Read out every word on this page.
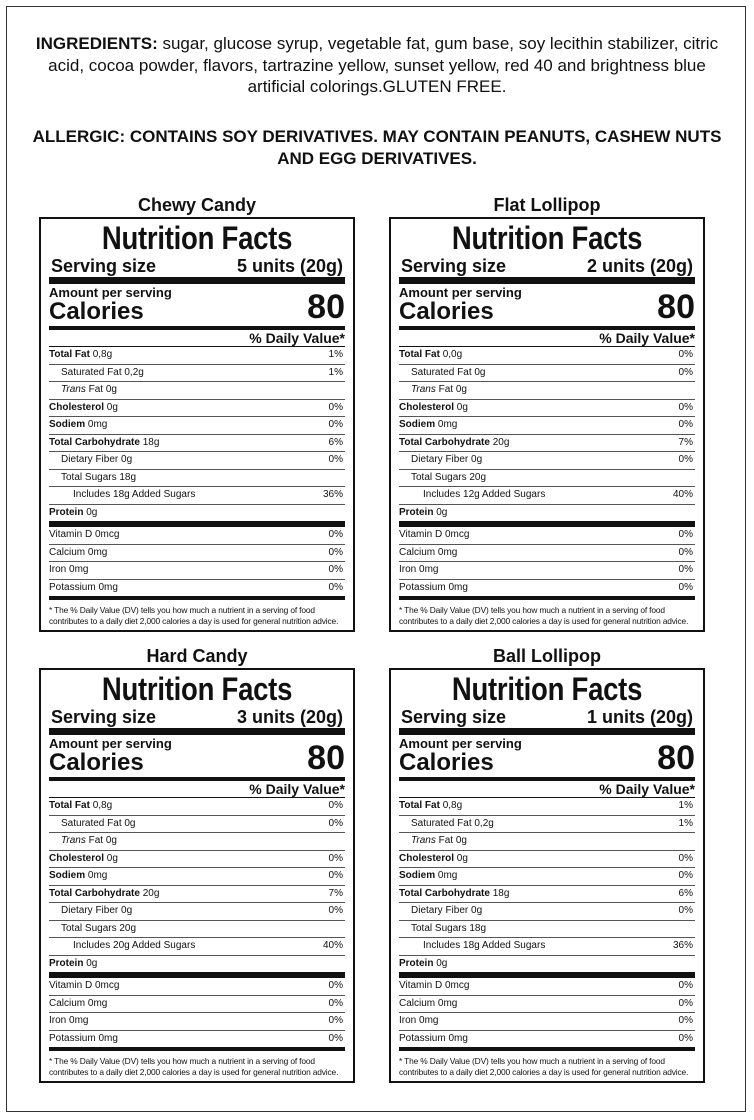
INGREDIENTS: sugar, glucose syrup, vegetable fat, gum base, soy lecithin stabilizer, citric acid, cocoa powder, flavors, tartrazine yellow, sunset yellow, red 40 and brightness blue artificial colorings.GLUTEN FREE.
ALLERGIC: CONTAINS SOY DERIVATIVES. MAY CONTAIN PEANUTS, CASHEW NUTS AND EGG DERIVATIVES.
Chewy Candy
Nutrition Facts
Serving size	5 units (20g)
Amount per serving
Calories	80
% Daily Value*
Total Fat 0,8g	1%
Saturated Fat 0,2g	1%
Trans Fat 0g
Cholesterol 0g	0%
Sodiem 0mg	0%
Total Carbohydrate 18g	6%
Dietary Fiber 0g	0%
Total Sugars 18g
Includes 18g Added Sugars	36%
Protein 0g
Vitamin D 0mcg	0%
Calcium 0mg	0%
Iron 0mg	0%
Potassium 0mg	0%
* The % Daily Value (DV) tells you how much a nutrient in a serving of food contributes to a daily diet 2,000 calories a day is used for general nutrition advice.
Flat Lollipop
Nutrition Facts
Serving size	2 units (20g)
Amount per serving
Calories	80
% Daily Value*
Total Fat 0,0g	0%
Saturated Fat 0g	0%
Trans Fat 0g
Cholesterol 0g	0%
Sodiem 0mg	0%
Total Carbohydrate 20g	7%
Dietary Fiber 0g	0%
Total Sugars 20g
Includes 12g Added Sugars	40%
Protein 0g
Vitamin D 0mcg	0%
Calcium 0mg	0%
Iron 0mg	0%
Potassium 0mg	0%
* The % Daily Value (DV) tells you how much a nutrient in a serving of food contributes to a daily diet 2,000 calories a day is used for general nutrition advice.
Hard Candy
Nutrition Facts
Serving size	3 units (20g)
Amount per serving
Calories	80
% Daily Value*
Total Fat 0,8g	0%
Saturated Fat 0g	0%
Trans Fat 0g
Cholesterol 0g	0%
Sodiem 0mg	0%
Total Carbohydrate 20g	7%
Dietary Fiber 0g	0%
Total Sugars 20g
Includes 20g Added Sugars	40%
Protein 0g
Vitamin D 0mcg	0%
Calcium 0mg	0%
Iron 0mg	0%
Potassium 0mg	0%
* The % Daily Value (DV) tells you how much a nutrient in a serving of food contributes to a daily diet 2,000 calories a day is used for general nutrition advice.
Ball Lollipop
Nutrition Facts
Serving size	1 units (20g)
Amount per serving
Calories	80
% Daily Value*
Total Fat 0,8g	1%
Saturated Fat 0,2g	1%
Trans Fat 0g
Cholesterol 0g	0%
Sodiem 0mg	0%
Total Carbohydrate 18g	6%
Dietary Fiber 0g	0%
Total Sugars 18g
Includes 18g Added Sugars	36%
Protein 0g
Vitamin D 0mcg	0%
Calcium 0mg	0%
Iron 0mg	0%
Potassium 0mg	0%
* The % Daily Value (DV) tells you how much a nutrient in a serving of food contributes to a daily diet 2,000 calories a day is used for general nutrition advice.
